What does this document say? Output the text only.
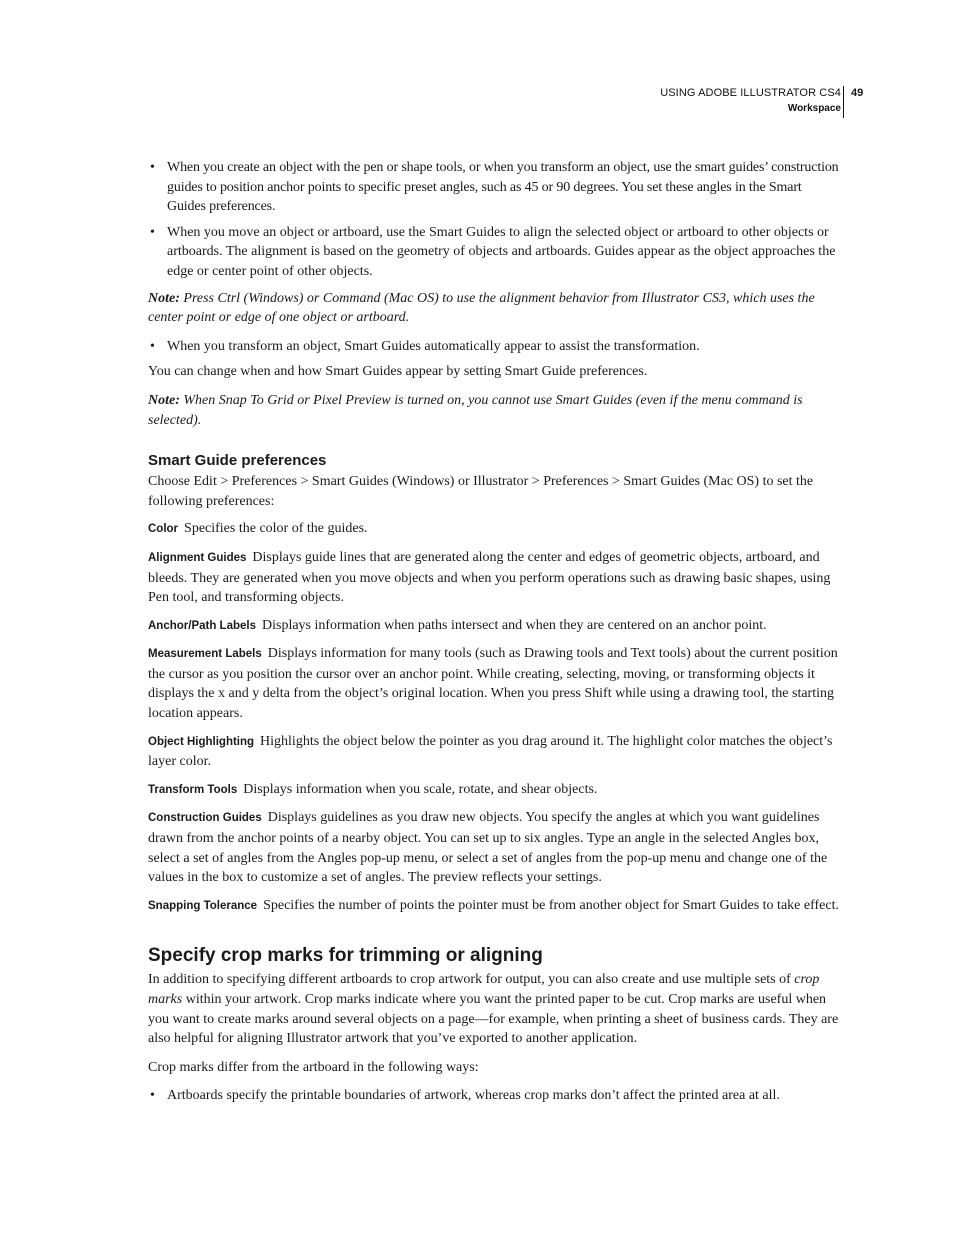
USING ADOBE ILLUSTRATOR CS4
Workspace
49

• When you create an object with the pen or shape tools, or when you transform an object, use the smart guides’ construction guides to position anchor points to specific preset angles, such as 45 or 90 degrees. You set these angles in the Smart Guides preferences.

• When you move an object or artboard, use the Smart Guides to align the selected object or artboard to other objects or artboards. The alignment is based on the geometry of objects and artboards. Guides appear as the object approaches the edge or center point of other objects.

Note: Press Ctrl (Windows) or Command (Mac OS) to use the alignment behavior from Illustrator CS3, which uses the center point or edge of one object or artboard.

• When you transform an object, Smart Guides automatically appear to assist the transformation.

You can change when and how Smart Guides appear by setting Smart Guide preferences.

Note: When Snap To Grid or Pixel Preview is turned on, you cannot use Smart Guides (even if the menu command is selected).

Smart Guide preferences

Choose Edit > Preferences > Smart Guides (Windows) or Illustrator > Preferences > Smart Guides (Mac OS) to set the following preferences:

Color Specifies the color of the guides.

Alignment Guides Displays guide lines that are generated along the center and edges of geometric objects, artboard, and bleeds. They are generated when you move objects and when you perform operations such as drawing basic shapes, using Pen tool, and transforming objects.

Anchor/Path Labels Displays information when paths intersect and when they are centered on an anchor point.

Measurement Labels Displays information for many tools (such as Drawing tools and Text tools) about the current position the cursor as you position the cursor over an anchor point. While creating, selecting, moving, or transforming objects it displays the x and y delta from the object’s original location. When you press Shift while using a drawing tool, the starting location appears.

Object Highlighting Highlights the object below the pointer as you drag around it. The highlight color matches the object’s layer color.

Transform Tools Displays information when you scale, rotate, and shear objects.

Construction Guides Displays guidelines as you draw new objects. You specify the angles at which you want guidelines drawn from the anchor points of a nearby object. You can set up to six angles. Type an angle in the selected Angles box, select a set of angles from the Angles pop-up menu, or select a set of angles from the pop-up menu and change one of the values in the box to customize a set of angles. The preview reflects your settings.

Snapping Tolerance Specifies the number of points the pointer must be from another object for Smart Guides to take effect.

Specify crop marks for trimming or aligning

In addition to specifying different artboards to crop artwork for output, you can also create and use multiple sets of crop marks within your artwork. Crop marks indicate where you want the printed paper to be cut. Crop marks are useful when you want to create marks around several objects on a page—for example, when printing a sheet of business cards. They are also helpful for aligning Illustrator artwork that you’ve exported to another application.

Crop marks differ from the artboard in the following ways:

• Artboards specify the printable boundaries of artwork, whereas crop marks don’t affect the printed area at all.
